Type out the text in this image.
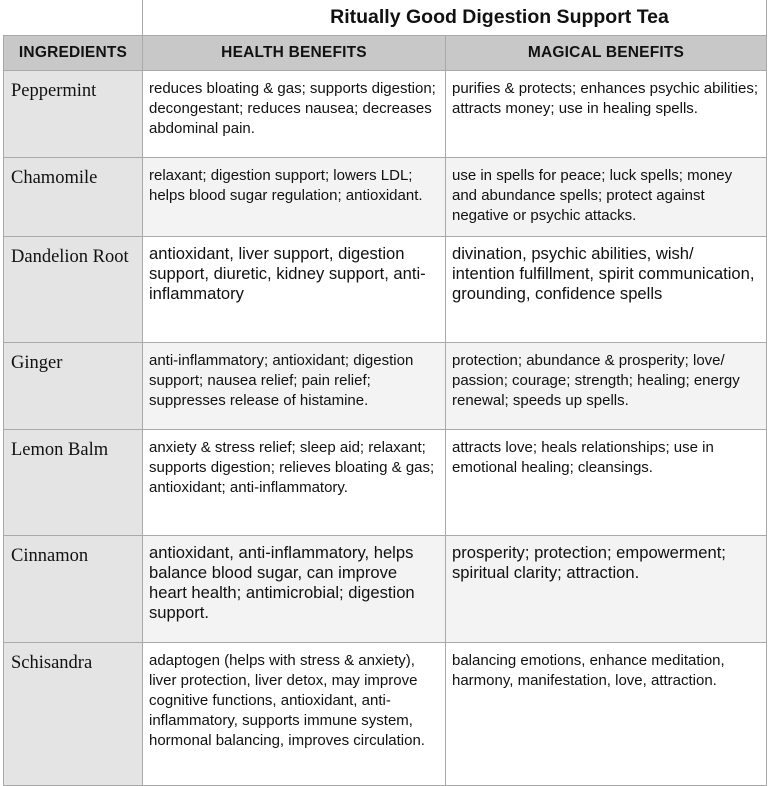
	Ritually Good Digestion Support Tea	
INGREDIENTS	HEALTH BENEFITS	MAGICAL BENEFITS
Peppermint	reduces bloating & gas; supports digestion; decongestant; reduces nausea; decreases abdominal pain.	purifies & protects; enhances psychic abilities; attracts money; use in healing spells.
Chamomile	relaxant; digestion support; lowers LDL; helps blood sugar regulation; antioxidant.	use in spells for peace; luck spells; money and abundance spells; protect against negative or psychic attacks.
Dandelion Root	antioxidant, liver support, digestion support, diuretic, kidney support, anti-inflammatory	divination, psychic abilities, wish/ intention fulfillment, spirit communication, grounding, confidence spells
Ginger	anti-inflammatory; antioxidant; digestion support; nausea relief; pain relief; suppresses release of histamine.	protection; abundance & prosperity; love/ passion; courage; strength; healing; energy renewal; speeds up spells.
Lemon Balm	anxiety & stress relief; sleep aid; relaxant; supports digestion; relieves bloating & gas; antioxidant; anti-inflammatory.	attracts love; heals relationships; use in emotional healing; cleansings.
Cinnamon	antioxidant, anti-inflammatory, helps balance blood sugar, can improve heart health; antimicrobial; digestion support.	prosperity; protection; empowerment; spiritual clarity; attraction.
Schisandra	adaptogen (helps with stress & anxiety), liver protection, liver detox, may improve cognitive functions, antioxidant, anti-inflammatory, supports immune system, hormonal balancing, improves circulation.	balancing emotions, enhance meditation, harmony, manifestation, love, attraction.
